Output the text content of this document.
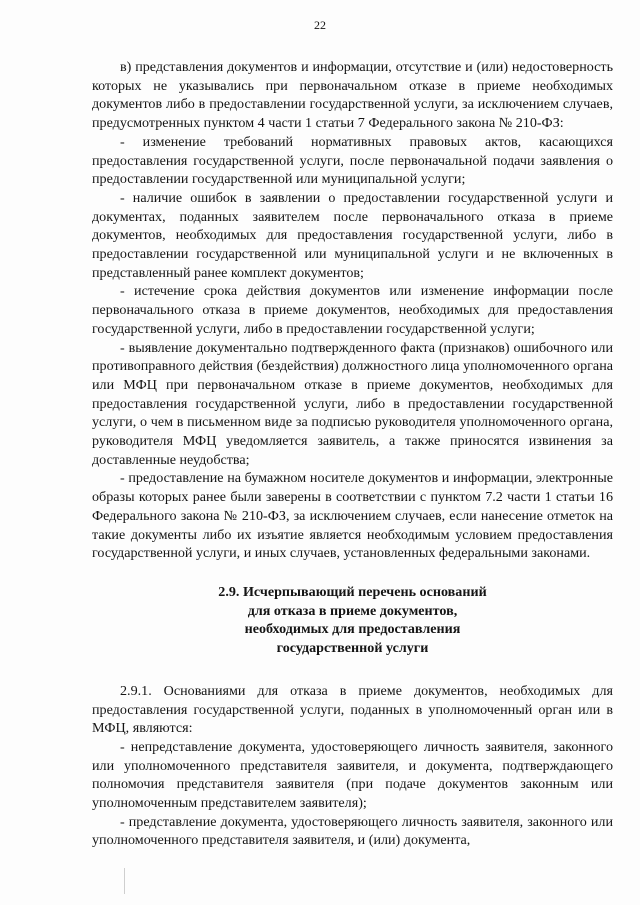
22

в) представления документов и информации, отсутствие и (или) недостоверность которых не указывались при первоначальном отказе в приеме необходимых документов либо в предоставлении государственной услуги, за исключением случаев, предусмотренных пунктом 4 части 1 статьи 7 Федерального закона № 210-ФЗ:

- изменение требований нормативных правовых актов, касающихся предоставления государственной услуги, после первоначальной подачи заявления о предоставлении государственной или муниципальной услуги;

- наличие ошибок в заявлении о предоставлении государственной услуги и документах, поданных заявителем после первоначального отказа в приеме документов, необходимых для предоставления государственной услуги, либо в предоставлении государственной или муниципальной услуги и не включенных в представленный ранее комплект документов;

- истечение срока действия документов или изменение информации после первоначального отказа в приеме документов, необходимых для предоставления государственной услуги, либо в предоставлении государственной услуги;

- выявление документально подтвержденного факта (признаков) ошибочного или противоправного действия (бездействия) должностного лица уполномоченного органа или МФЦ при первоначальном отказе в приеме документов, необходимых для предоставления государственной услуги, либо в предоставлении государственной услуги, о чем в письменном виде за подписью руководителя уполномоченного органа, руководителя МФЦ уведомляется заявитель, а также приносятся извинения за доставленные неудобства;

- предоставление на бумажном носителе документов и информации, электронные образы которых ранее были заверены в соответствии с пунктом 7.2 части 1 статьи 16 Федерального закона № 210-ФЗ, за исключением случаев, если нанесение отметок на такие документы либо их изъятие является необходимым условием предоставления государственной услуги, и иных случаев, установленных федеральными законами.

2.9. Исчерпывающий перечень оснований
для отказа в приеме документов,
необходимых для предоставления
государственной услуги

2.9.1. Основаниями для отказа в приеме документов, необходимых для предоставления государственной услуги, поданных в уполномоченный орган или в МФЦ, являются:

- непредставление документа, удостоверяющего личность заявителя, законного или уполномоченного представителя заявителя, и документа, подтверждающего полномочия представителя заявителя (при подаче документов законным или уполномоченным представителем заявителя);

- представление документа, удостоверяющего личность заявителя, законного или уполномоченного представителя заявителя, и (или) документа,
